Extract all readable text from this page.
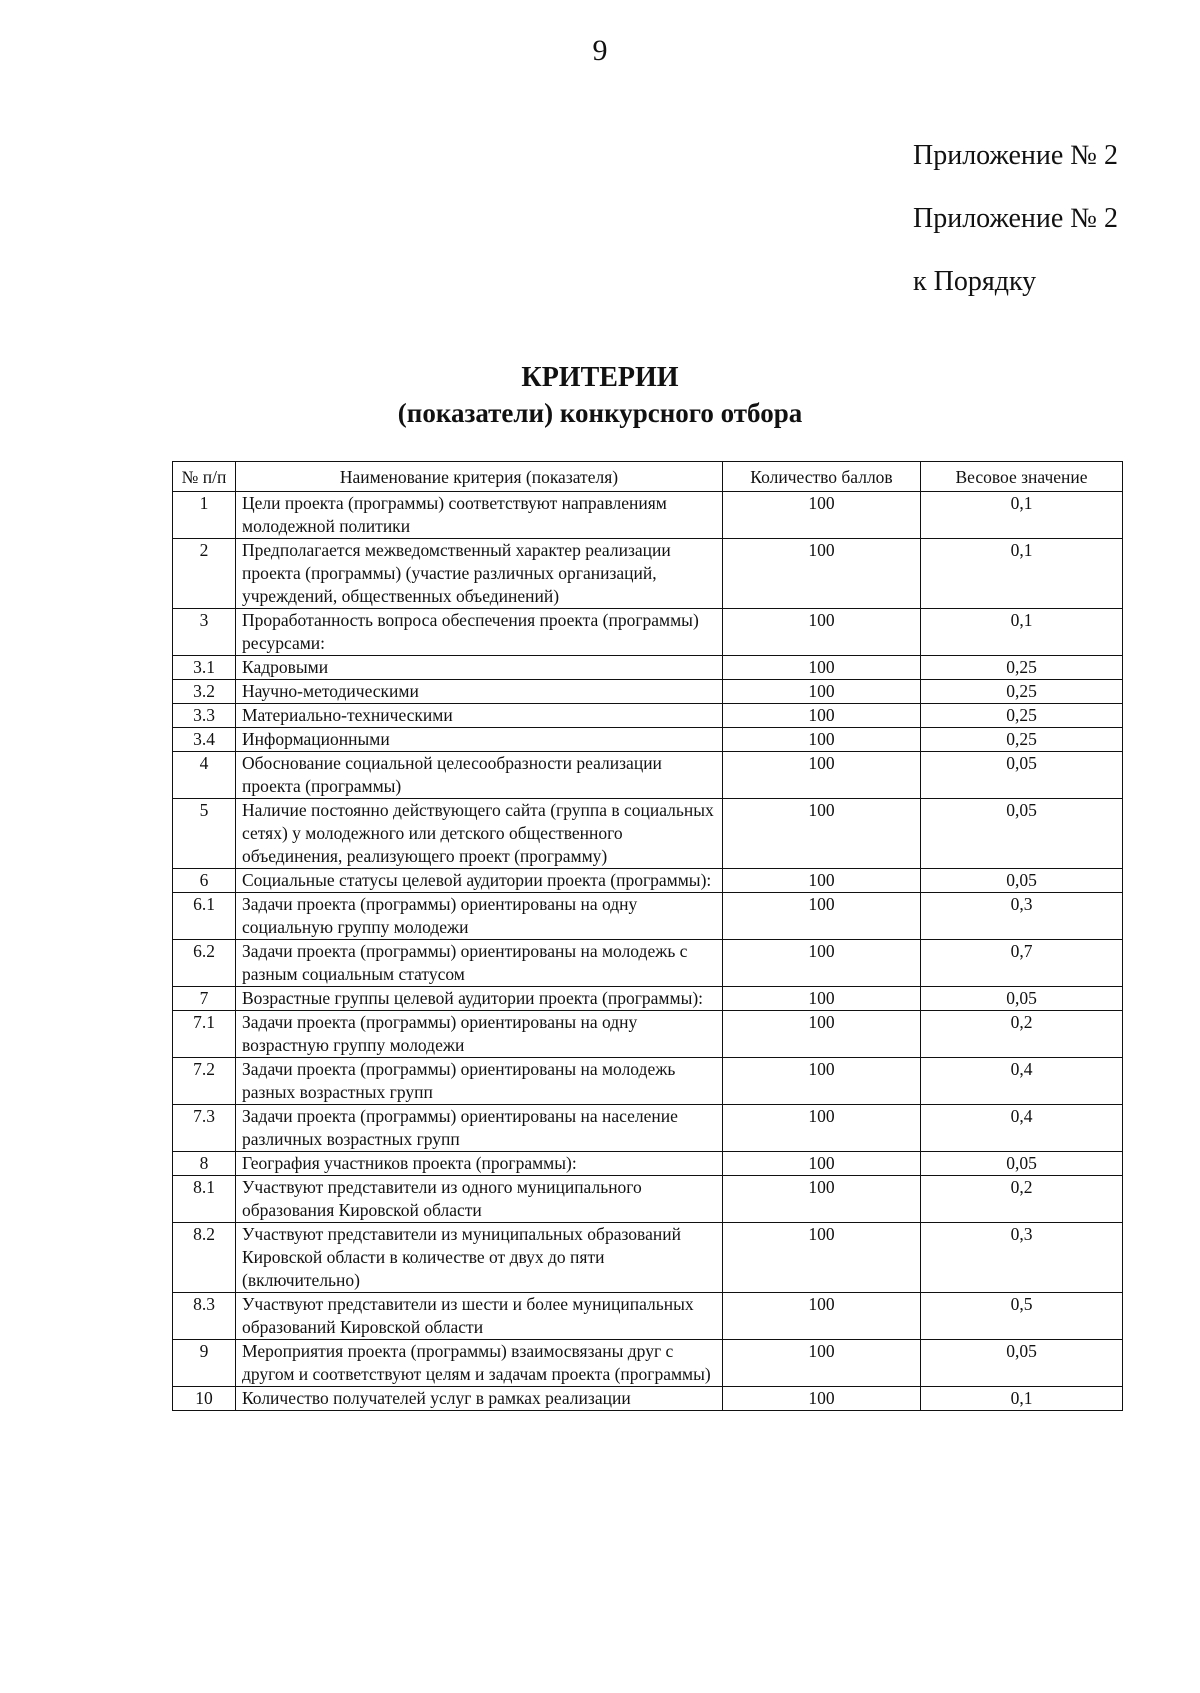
9
Приложение № 2
Приложение № 2
к Порядку
КРИТЕРИИ
(показатели) конкурсного отбора
№ п/п	Наименование критерия (показателя)	Количество баллов	Весовое значение
1	Цели проекта (программы) соответствуют направлениям молодежной политики	100	0,1
2	Предполагается межведомственный характер реализации проекта (программы) (участие различных организаций, учреждений, общественных объединений)	100	0,1
3	Проработанность вопроса обеспечения проекта (программы) ресурсами:	100	0,1
3.1	Кадровыми	100	0,25
3.2	Научно-методическими	100	0,25
3.3	Материально-техническими	100	0,25
3.4	Информационными	100	0,25
4	Обоснование социальной целесообразности реализации проекта (программы)	100	0,05
5	Наличие постоянно действующего сайта (группа в социальных сетях) у молодежного или детского общественного объединения, реализующего проект (программу)	100	0,05
6	Социальные статусы целевой аудитории проекта (программы):	100	0,05
6.1	Задачи проекта (программы) ориентированы на одну социальную группу молодежи	100	0,3
6.2	Задачи проекта (программы) ориентированы на молодежь с разным социальным статусом	100	0,7
7	Возрастные группы целевой аудитории проекта (программы):	100	0,05
7.1	Задачи проекта (программы) ориентированы на одну возрастную группу молодежи	100	0,2
7.2	Задачи проекта (программы) ориентированы на молодежь разных возрастных групп	100	0,4
7.3	Задачи проекта (программы) ориентированы на население различных возрастных групп	100	0,4
8	География участников проекта (программы):	100	0,05
8.1	Участвуют представители из одного муниципального образования Кировской области	100	0,2
8.2	Участвуют представители из муниципальных образований Кировской области в количестве от двух до пяти (включительно)	100	0,3
8.3	Участвуют представители из шести и более муниципальных образований Кировской области	100	0,5
9	Мероприятия проекта (программы) взаимосвязаны друг с другом и соответствуют целям и задачам проекта (программы)	100	0,05
10	Количество получателей услуг в рамках реализации	100	0,1
